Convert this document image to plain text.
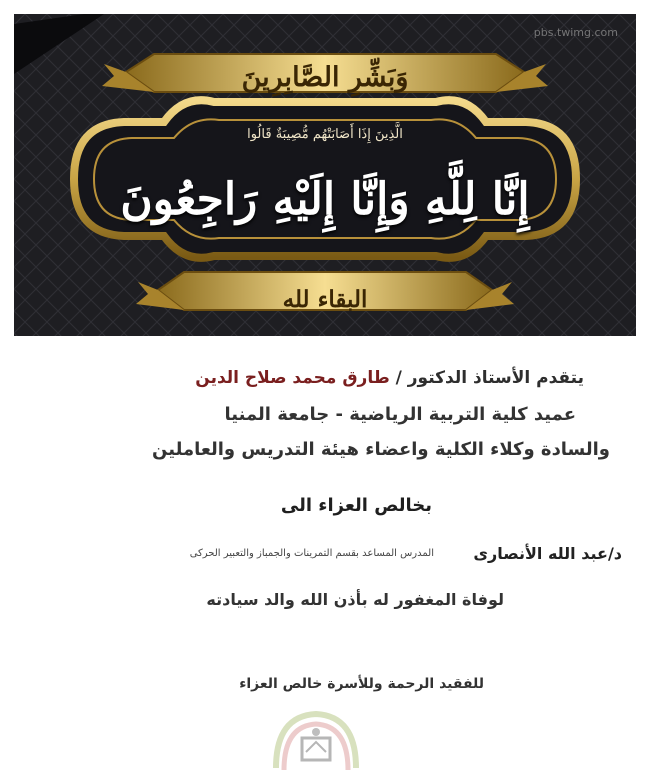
pbs.twimg.com
وَبَشِّرِ الصَّابِرِينَ
الَّذِينَ إِذَا أَصَابَتْهُم مُّصِيبَةٌ قَالُوا
إِنَّا لِلَّهِ وَإِنَّا إِلَيْهِ رَاجِعُونَ
البقاء لله
يتقدم الأستاذ الدكتور / طارق محمد صلاح الدين
عميد كلية التربية الرياضية - جامعة المنيا
والسادة وكلاء الكلية واعضاء هيئة التدريس والعاملين
بخالص العزاء الى
د/عبد الله الأنصارى
المدرس المساعد بقسم التمرينات والجمباز والتعبير الحركى
لوفاة المغفور له بأذن الله والد سيادته
للفقيد الرحمة وللأسرة خالص العزاء
